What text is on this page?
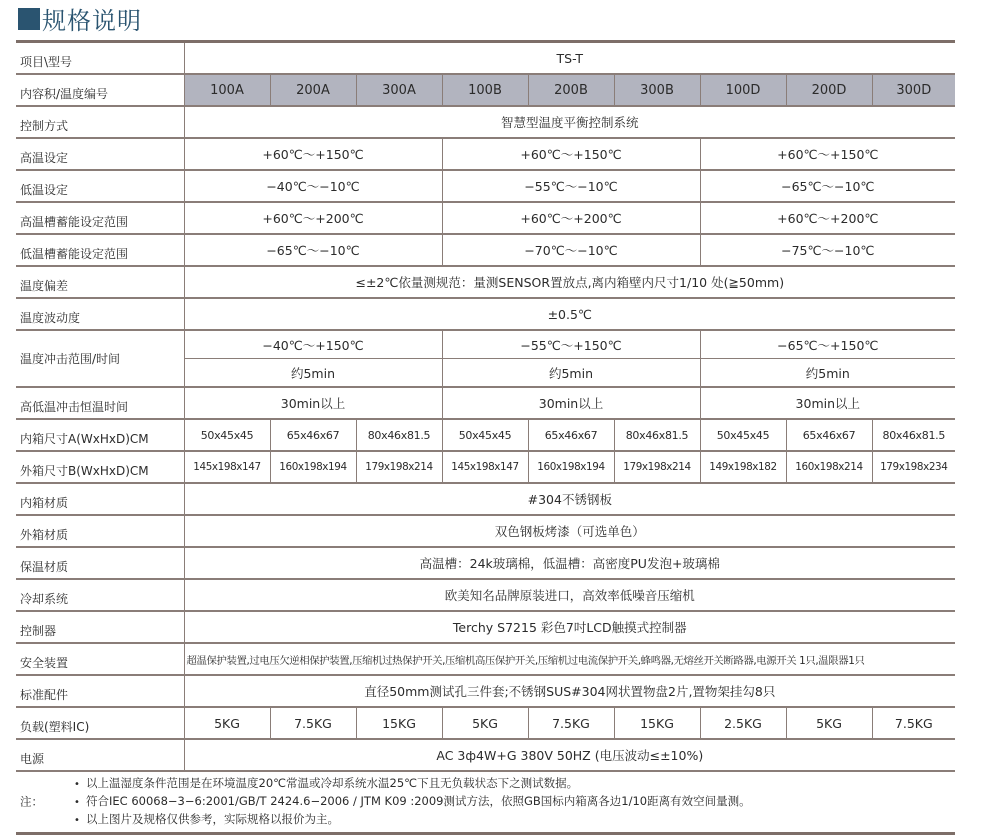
规格说明
项目\型号	TS-T								
内容积/温度编号	100A	200A	300A	100B	200B	300B	100D	200D	300D
控制方式	智慧型温度平衡控制系统								
高温设定	+60℃～+150℃			+60℃～+150℃			+60℃～+150℃		
低温设定	−40℃～−10℃			−55℃～−10℃			−65℃～−10℃		
高温槽蓄能设定范围	+60℃～+200℃			+60℃～+200℃			+60℃～+200℃		
低温槽蓄能设定范围	−65℃～−10℃			−70℃～−10℃			−75℃～−10℃		
温度偏差	≤±2℃依量测规范：量测SENSOR置放点,离内箱壁内尺寸1/10 处(≧50mm)								
温度波动度	±0.5℃								
温度冲击范围/时间	−40℃～+150℃			−55℃～+150℃			−65℃～+150℃		
	约5min			约5min			约5min		
高低温冲击恒温时间	30min以上			30min以上			30min以上		
内箱尺寸A(WxHxD)CM	50x45x45	65x46x67	80x46x81.5	50x45x45	65x46x67	80x46x81.5	50x45x45	65x46x67	80x46x81.5
外箱尺寸B(WxHxD)CM	145x198x147	160x198x194	179x198x214	145x198x147	160x198x194	179x198x214	149x198x182	160x198x214	179x198x234
内箱材质	#304不锈钢板								
外箱材质	双色钢板烤漆（可选单色）								
保温材质	高温槽：24k玻璃棉，低温槽：高密度PU发泡+玻璃棉								
冷却系统	欧美知名品牌原装进口，高效率低噪音压缩机								
控制器	Terchy S7215 彩色7吋LCD触摸式控制器								
安全装置	超温保护装置,过电压欠逆相保护装置,压缩机过热保护开关,压缩机高压保护开关,压缩机过电流保护开关,蜂鸣器,无熔丝开关断路器,电源开关 1只,温限器1只								
标准配件	直径50mm测试孔三件套;不锈钢SUS#304网状置物盘2片,置物架挂勾8只								
负载(塑料IC)	5KG	7.5KG	15KG	5KG	7.5KG	15KG	2.5KG	5KG	7.5KG
电源	AC 3ф4W+G 380V 50HZ (电压波动≤±10%)								

注：
• 以上温湿度条件范围是在环境温度20℃常温或冷却系统水温25℃下且无负载状态下之测试数据。
• 符合IEC 60068−3−6:2001/GB/T 2424.6−2006 / JTM K09 :2009测试方法，依照GB国标内箱离各边1/10距离有效空间量测。
• 以上图片及规格仅供参考，实际规格以报价为主。
